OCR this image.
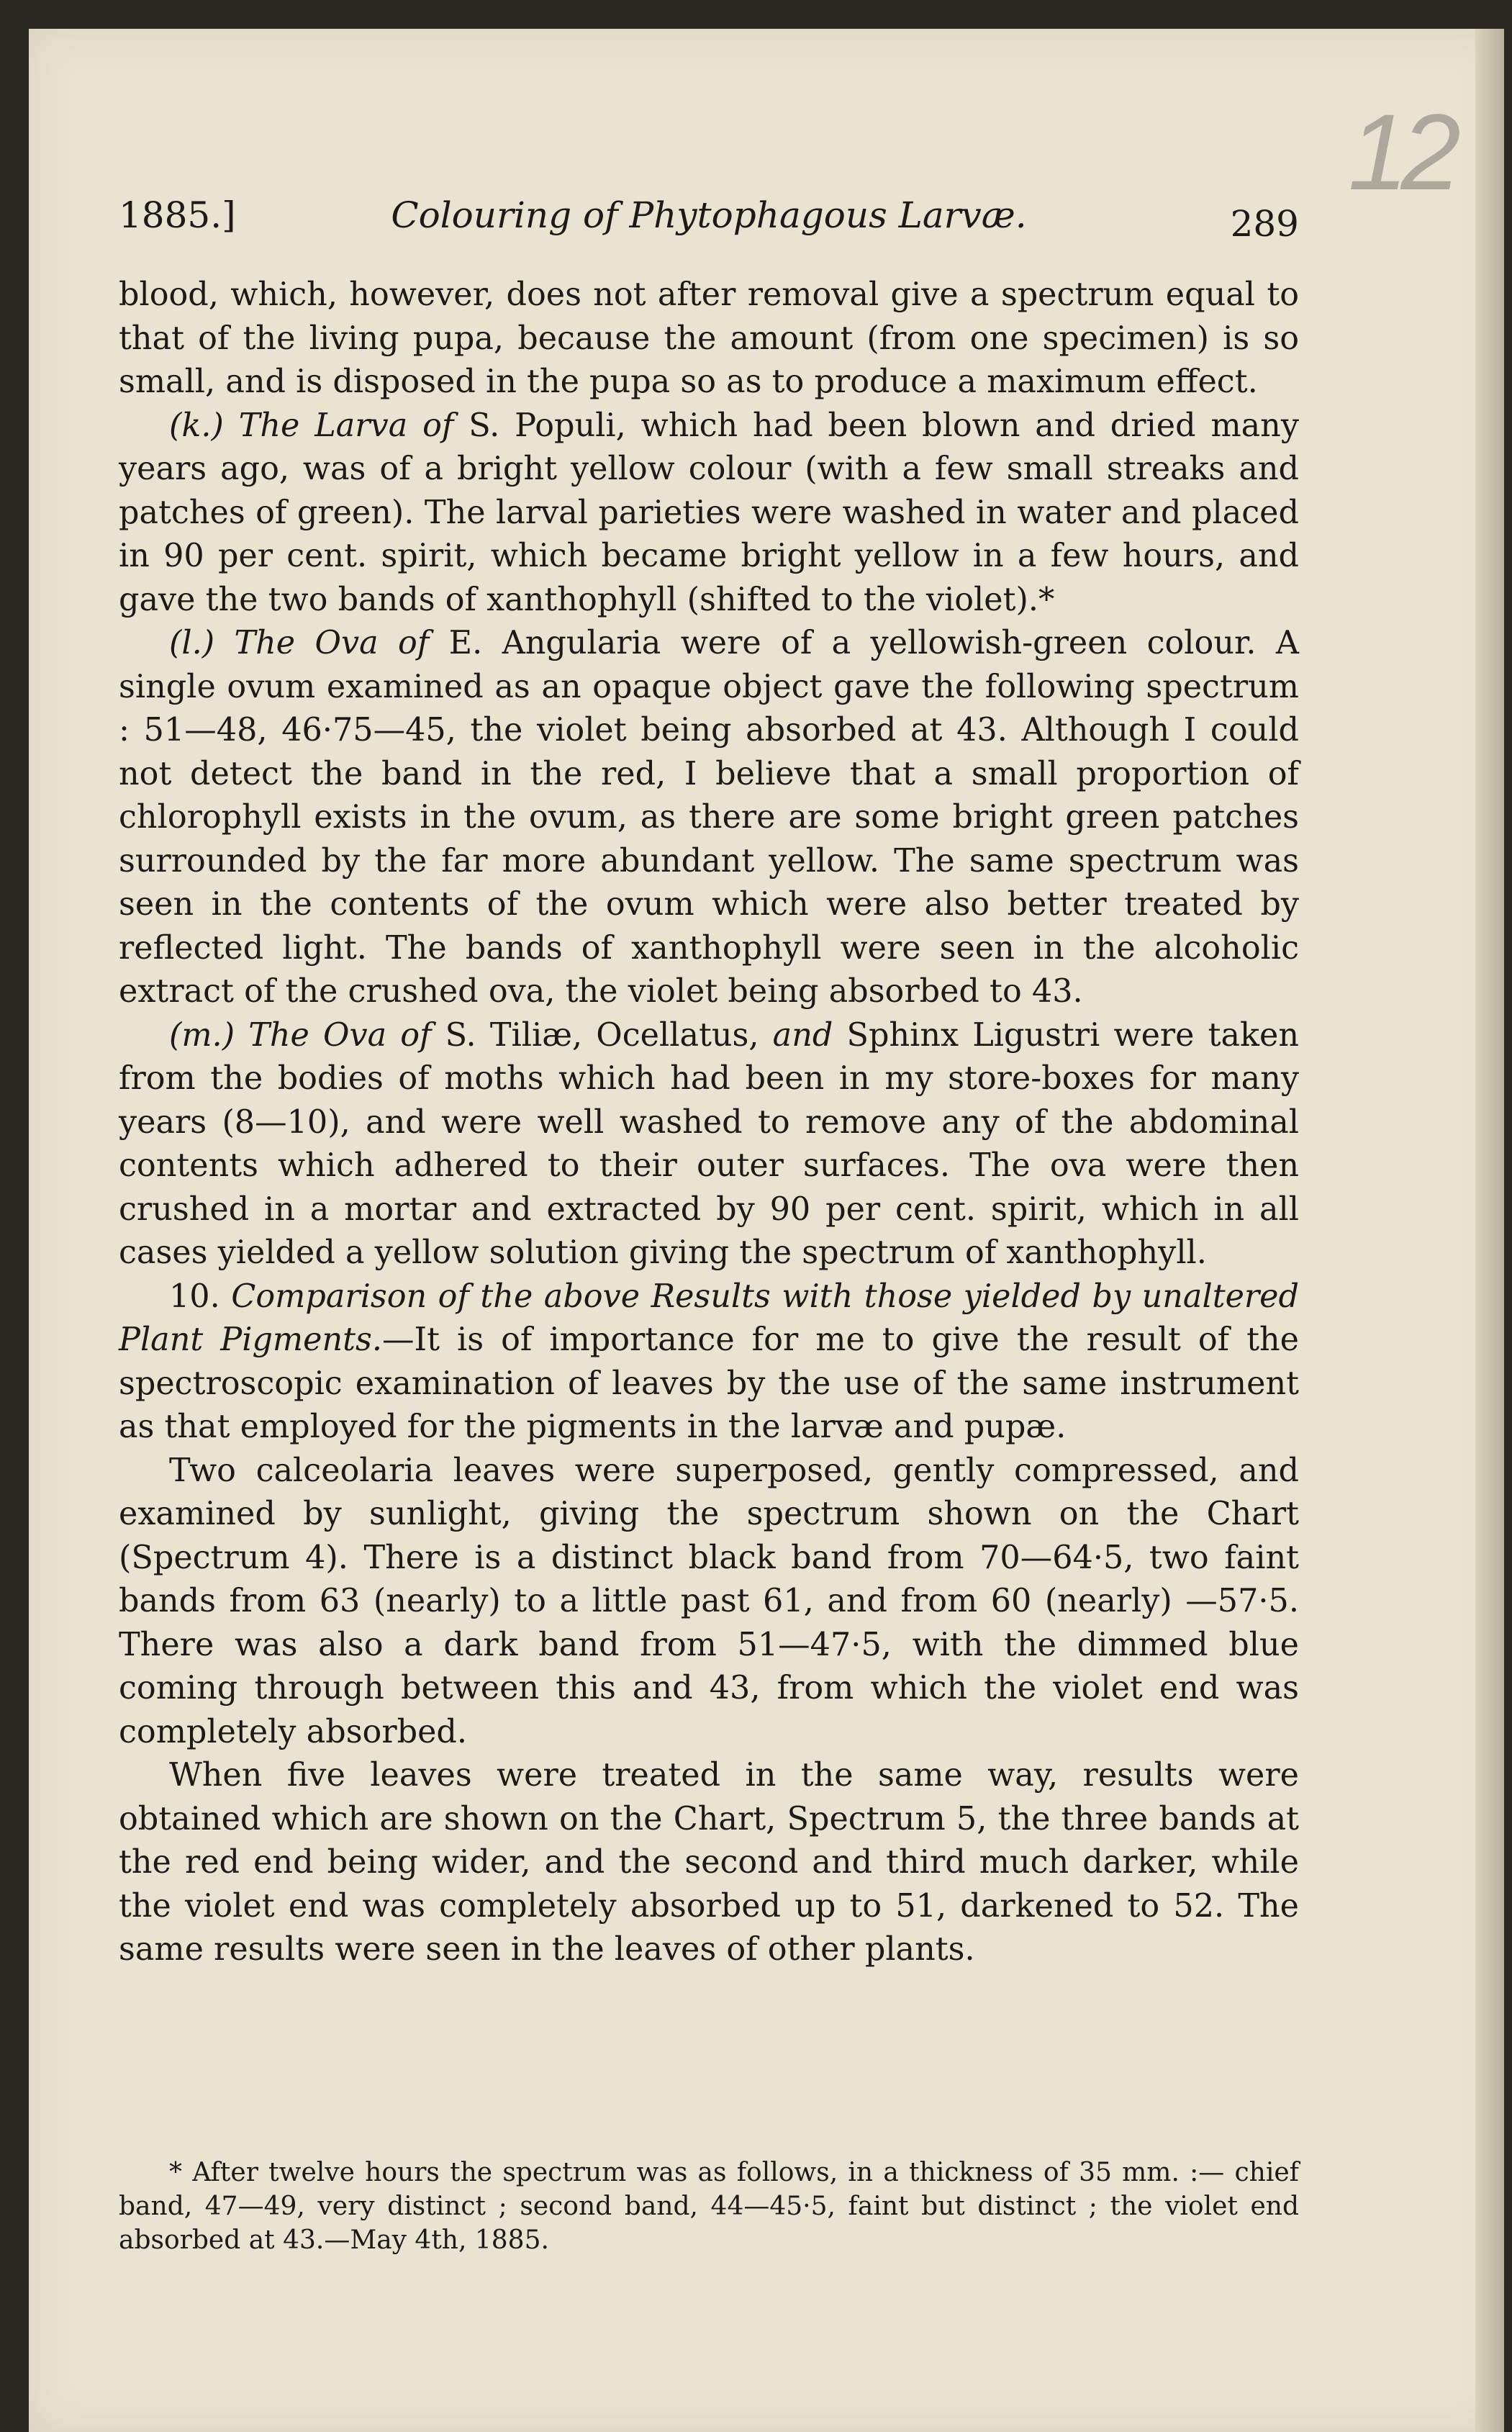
12
1885.]	Colouring of Phytophagous Larvæ.	289

blood, which, however, does not after removal give a spectrum equal to that of the living pupa, because the amount (from one specimen) is so small, and is disposed in the pupa so as to produce a maximum effect.

(k.) The Larva of S. Populi, which had been blown and dried many years ago, was of a bright yellow colour (with a few small streaks and patches of green). The larval parieties were washed in water and placed in 90 per cent. spirit, which became bright yellow in a few hours, and gave the two bands of xanthophyll (shifted to the violet).*

(l.) The Ova of E. Angularia were of a yellowish-green colour. A single ovum examined as an opaque object gave the following spectrum : 51—48, 46·75—45, the violet being absorbed at 43. Although I could not detect the band in the red, I believe that a small proportion of chlorophyll exists in the ovum, as there are some bright green patches surrounded by the far more abundant yellow. The same spectrum was seen in the contents of the ovum which were also better treated by reflected light. The bands of xanthophyll were seen in the alcoholic extract of the crushed ova, the violet being absorbed to 43.

(m.) The Ova of S. Tiliæ, Ocellatus, and Sphinx Ligustri were taken from the bodies of moths which had been in my store-boxes for many years (8—10), and were well washed to remove any of the abdominal contents which adhered to their outer surfaces. The ova were then crushed in a mortar and extracted by 90 per cent. spirit, which in all cases yielded a yellow solution giving the spectrum of xanthophyll.

10. Comparison of the above Results with those yielded by unaltered Plant Pigments.—It is of importance for me to give the result of the spectroscopic examination of leaves by the use of the same instrument as that employed for the pigments in the larvæ and pupæ.

Two calceolaria leaves were superposed, gently compressed, and examined by sunlight, giving the spectrum shown on the Chart (Spectrum 4). There is a distinct black band from 70—64·5, two faint bands from 63 (nearly) to a little past 61, and from 60 (nearly) —57·5. There was also a dark band from 51—47·5, with the dimmed blue coming through between this and 43, from which the violet end was completely absorbed.

When five leaves were treated in the same way, results were obtained which are shown on the Chart, Spectrum 5, the three bands at the red end being wider, and the second and third much darker, while the violet end was completely absorbed up to 51, darkened to 52. The same results were seen in the leaves of other plants.

* After twelve hours the spectrum was as follows, in a thickness of 35 mm. :— chief band, 47—49, very distinct ; second band, 44—45·5, faint but distinct ; the violet end absorbed at 43.—May 4th, 1885.
